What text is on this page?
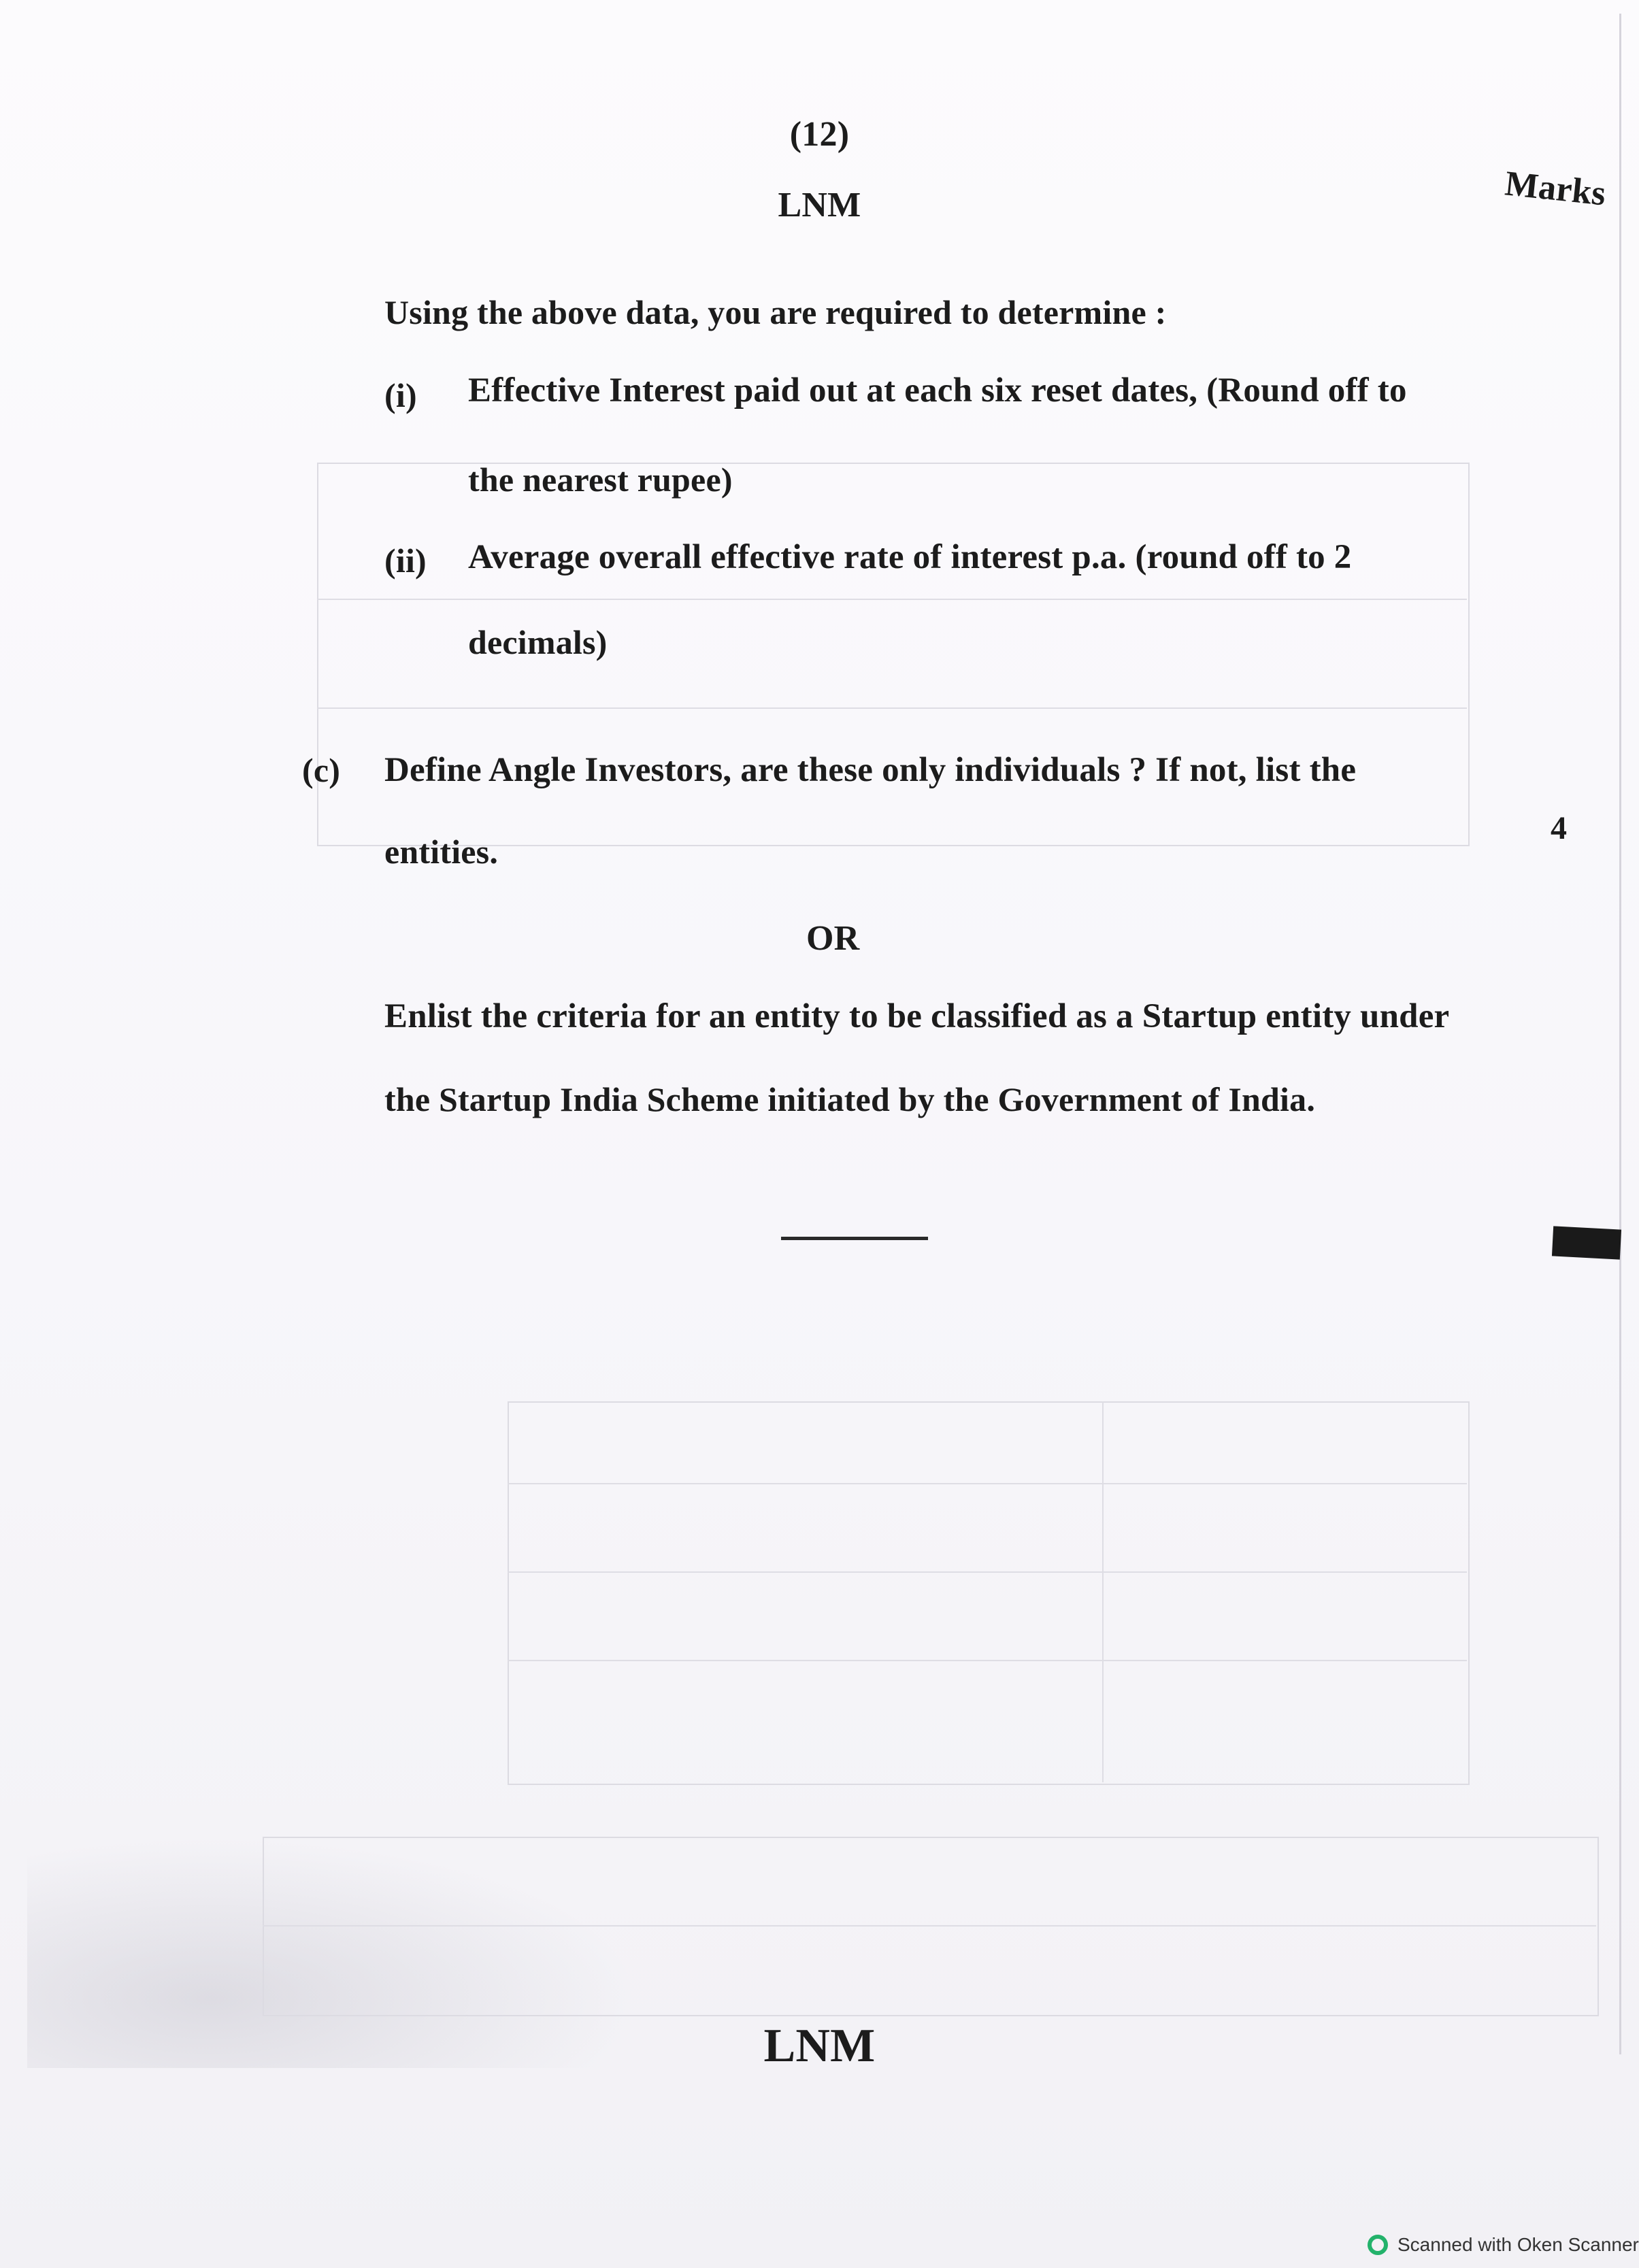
(12)
LNM	Marks
Using the above data, you are required to determine :
(i) Effective Interest paid out at each six reset dates, (Round off to
the nearest rupee)
(ii) Average overall effective rate of interest p.a. (round off to 2
decimals)
(c) Define Angle Investors, are these only individuals ? If not, list the
entities.
4
OR
Enlist the criteria for an entity to be classified as a Startup entity under
the Startup India Scheme initiated by the Government of India.
LNM
Scanned with Oken Scanner
